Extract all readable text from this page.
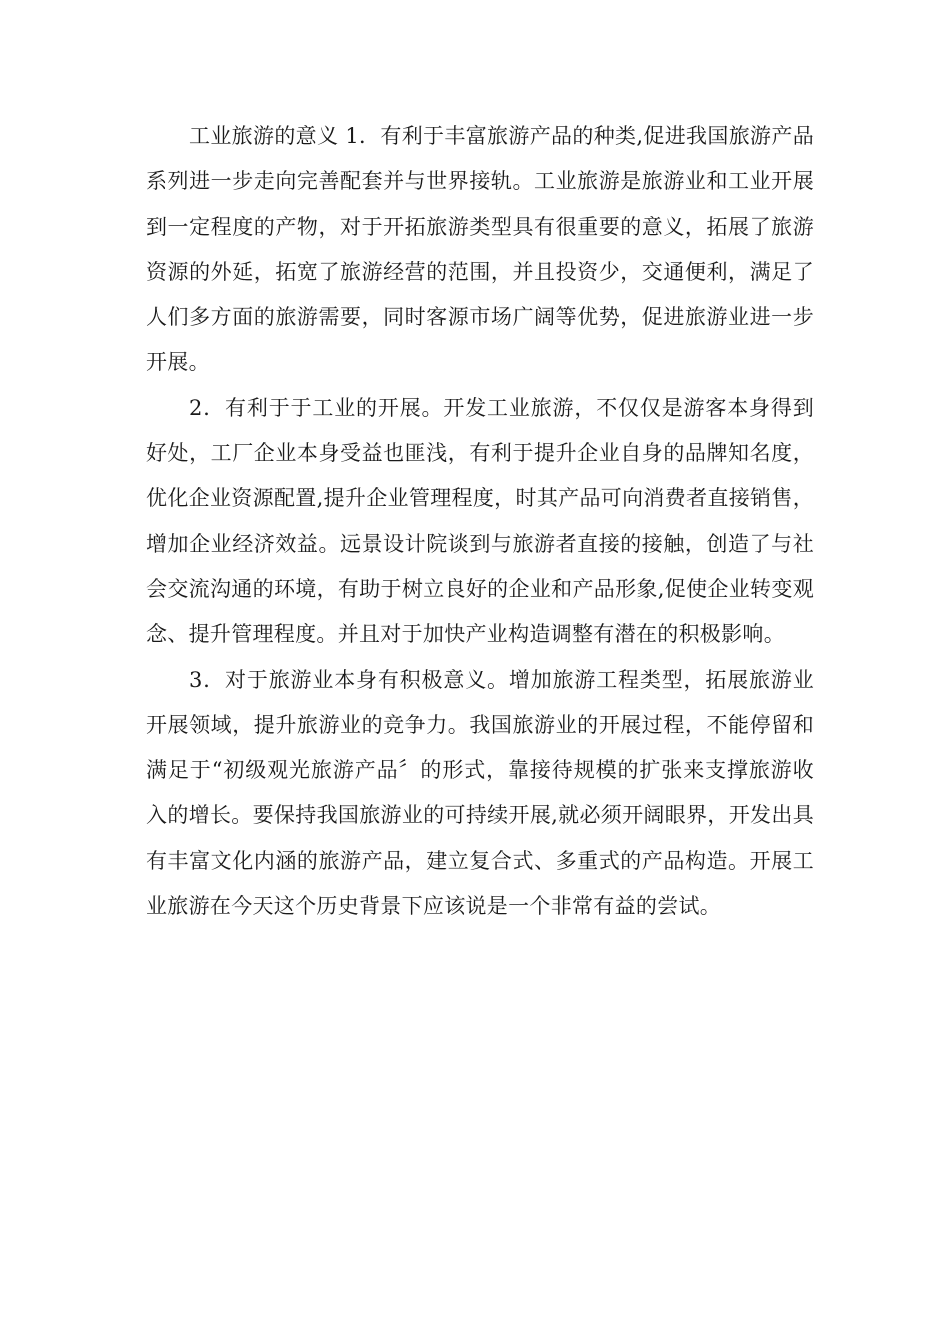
工业旅游的意义 1．有利于丰富旅游产品的种类,促进我国旅游产品系列进一步走向完善配套并与世界接轨。工业旅游是旅游业和工业开展到一定程度的产物，对于开拓旅游类型具有很重要的意义，拓展了旅游资源的外延，拓宽了旅游经营的范围，并且投资少，交通便利，满足了人们多方面的旅游需要，同时客源市场广阔等优势，促进旅游业进一步开展。

2．有利于于工业的开展。开发工业旅游，不仅仅是游客本身得到好处，工厂企业本身受益也匪浅，有利于提升企业自身的品牌知名度，优化企业资源配置,提升企业管理程度，时其产品可向消费者直接销售，增加企业经济效益。远景设计院谈到与旅游者直接的接触，创造了与社会交流沟通的环境，有助于树立良好的企业和产品形象,促使企业转变观念、提升管理程度。并且对于加快产业构造调整有潜在的积极影响。

3．对于旅游业本身有积极意义。增加旅游工程类型，拓展旅游业开展领域，提升旅游业的竞争力。我国旅游业的开展过程，不能停留和满足于“初级观光旅游产品〞的形式，靠接待规模的扩张来支撑旅游收入的增长。要保持我国旅游业的可持续开展,就必须开阔眼界，开发出具有丰富文化内涵的旅游产品，建立复合式、多重式的产品构造。开展工业旅游在今天这个历史背景下应该说是一个非常有益的尝试。
